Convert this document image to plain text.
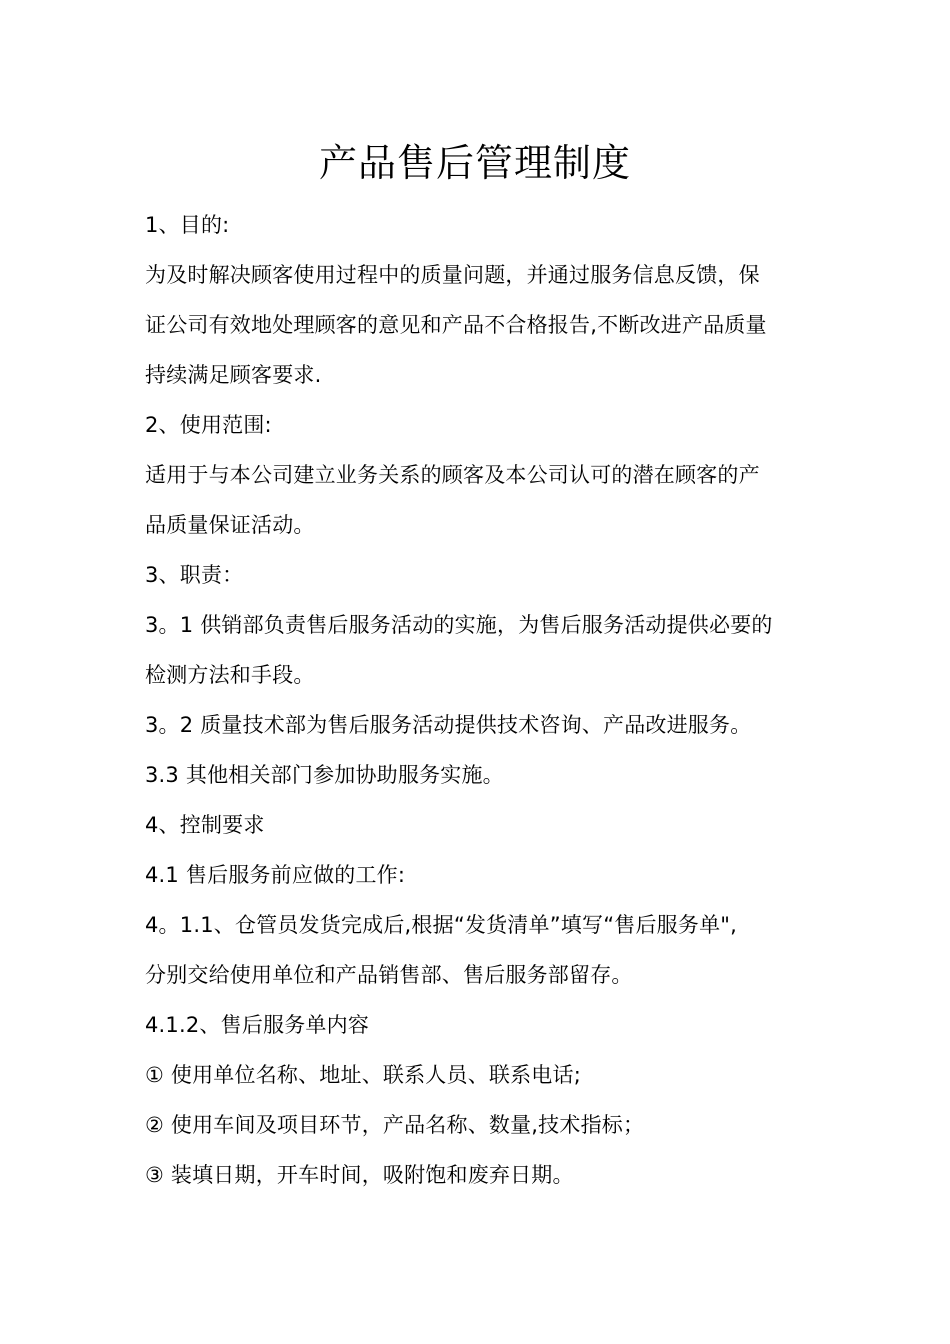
产品售后管理制度
1、目的:
为及时解决顾客使用过程中的质量问题，并通过服务信息反馈，保
证公司有效地处理顾客的意见和产品不合格报告,不断改进产品质量
持续满足顾客要求.
2、使用范围:
适用于与本公司建立业务关系的顾客及本公司认可的潜在顾客的产
品质量保证活动。
3、职责：
3。1 供销部负责售后服务活动的实施，为售后服务活动提供必要的
检测方法和手段。
3。2 质量技术部为售后服务活动提供技术咨询、产品改进服务。
3.3 其他相关部门参加协助服务实施。
4、控制要求
4.1 售后服务前应做的工作:
4。1.1、仓管员发货完成后,根据“发货清单”填写“售后服务单",
分别交给使用单位和产品销售部、售后服务部留存。
4.1.2、售后服务单内容
① 使用单位名称、地址、联系人员、联系电话;
② 使用车间及项目环节，产品名称、数量,技术指标；
③ 装填日期，开车时间，吸附饱和废弃日期。
